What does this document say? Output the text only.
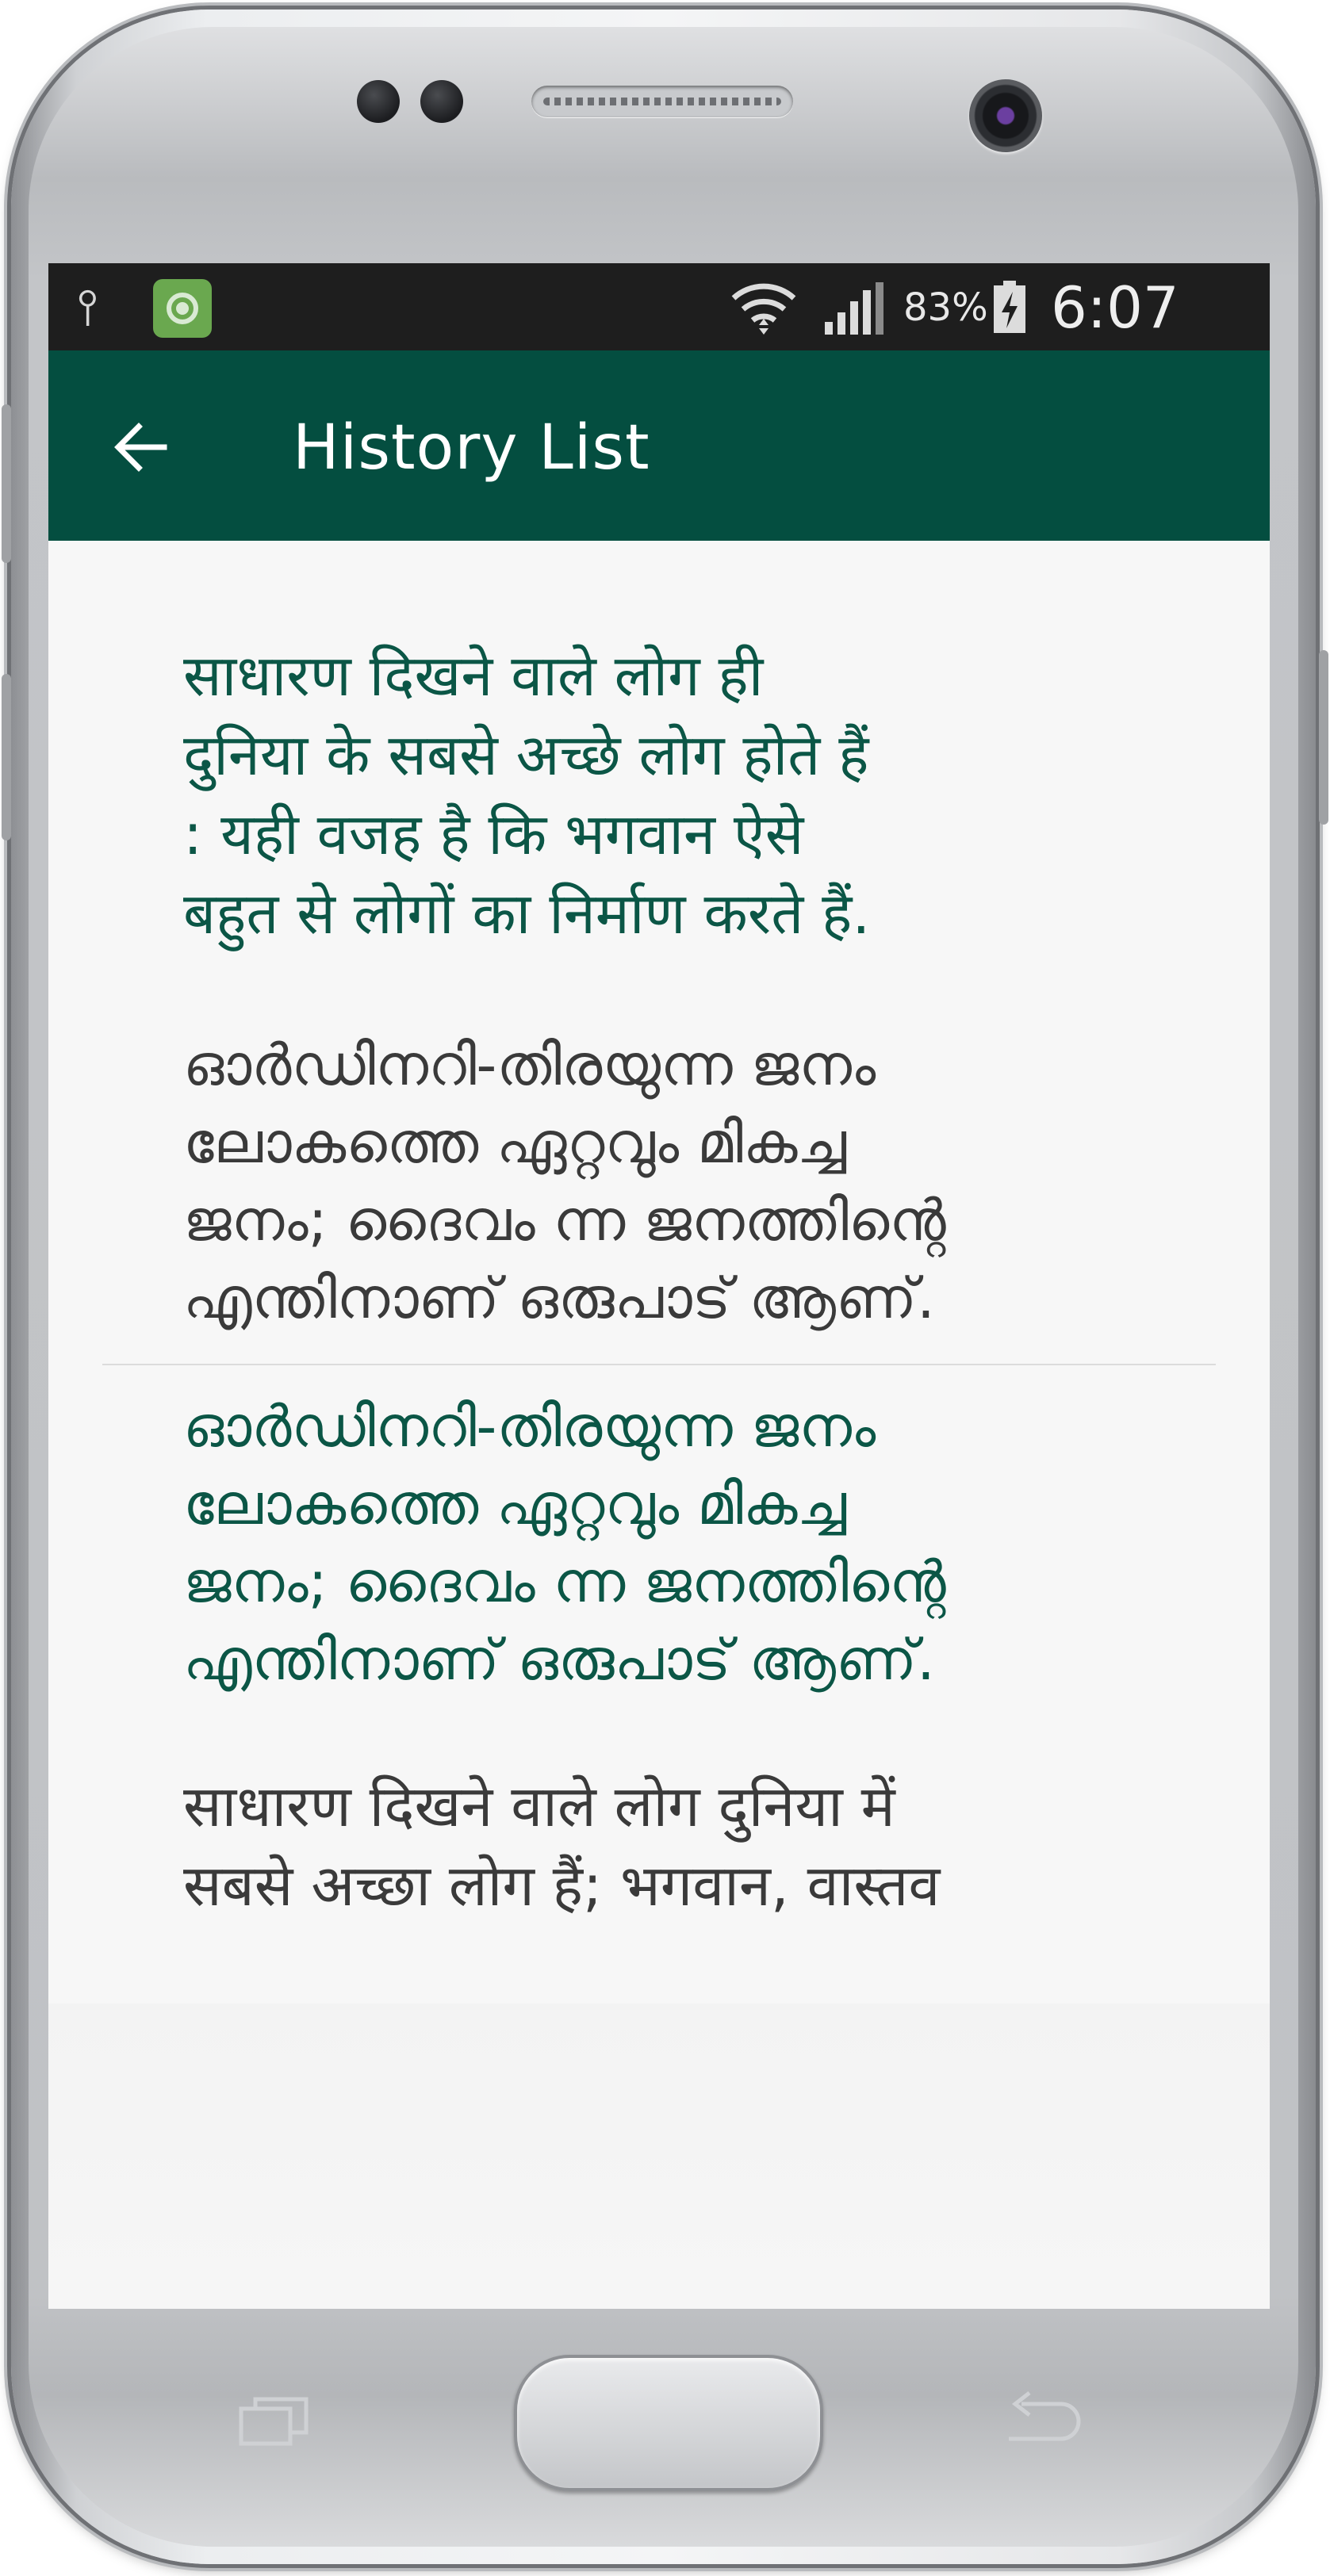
⫯	83% 6:07
History List

साधारण दिखने वाले लोग ही

दुनिया के सबसे अच्छे लोग होते हैं

: यही वजह है कि भगवान ऐसे

बहुत से लोगों का निर्माण करते हैं.

ഓർഡിനറി-തിരയുന്ന ജനം

ലോകത്തെ ഏറ്റവും മികച്ച

ജനം; ദൈവം ന്ന ജനത്തിന്റെ

എന്തിനാണ് ഒരുപാട് ആണ്.

ഓർഡിനറി-തിരയുന്ന ജനം

ലോകത്തെ ഏറ്റവും മികച്ച

ജനം; ദൈവം ന്ന ജനത്തിന്റെ

എന്തിനാണ് ഒരുപാട് ആണ്.

साधारण दिखने वाले लोग दुनिया में

सबसे अच्छा लोग हैं; भगवान, वास्तव
